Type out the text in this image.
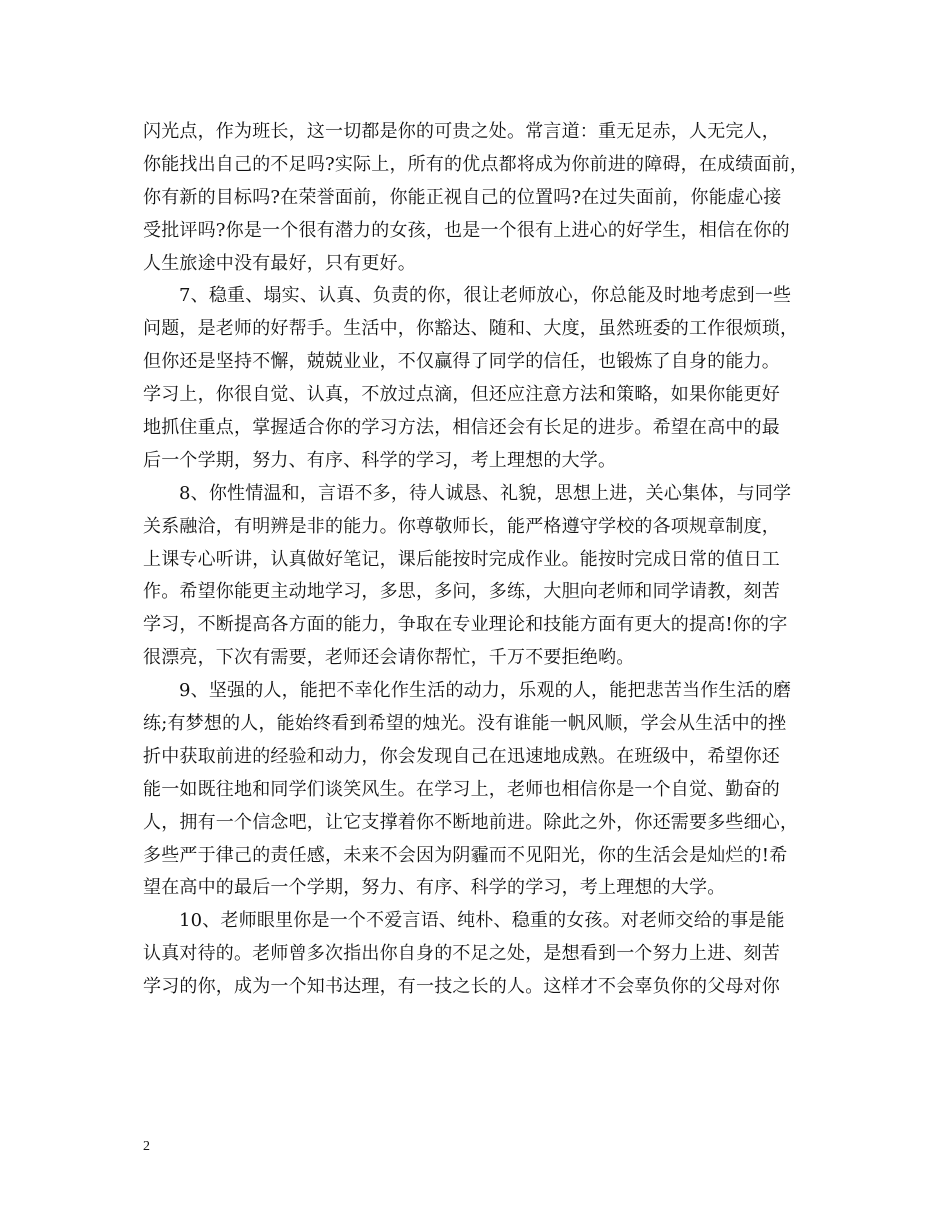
闪光点，作为班长，这一切都是你的可贵之处。常言道：重无足赤，人无完人，
你能找出自己的不足吗?实际上，所有的优点都将成为你前进的障碍，在成绩面前，
你有新的目标吗?在荣誉面前，你能正视自己的位置吗?在过失面前，你能虚心接
受批评吗?你是一个很有潜力的女孩，也是一个很有上进心的好学生，相信在你的
人生旅途中没有最好，只有更好。
7、稳重、塌实、认真、负责的你，很让老师放心，你总能及时地考虑到一些
问题，是老师的好帮手。生活中，你豁达、随和、大度，虽然班委的工作很烦琐，
但你还是坚持不懈，兢兢业业，不仅赢得了同学的信任，也锻炼了自身的能力。
学习上，你很自觉、认真，不放过点滴，但还应注意方法和策略，如果你能更好
地抓住重点，掌握适合你的学习方法，相信还会有长足的进步。希望在高中的最
后一个学期，努力、有序、科学的学习，考上理想的大学。
8、你性情温和，言语不多，待人诚恳、礼貌，思想上进，关心集体，与同学
关系融洽，有明辨是非的能力。你尊敬师长，能严格遵守学校的各项规章制度，
上课专心听讲，认真做好笔记，课后能按时完成作业。能按时完成日常的值日工
作。希望你能更主动地学习，多思，多问，多练，大胆向老师和同学请教，刻苦
学习，不断提高各方面的能力，争取在专业理论和技能方面有更大的提高!你的字
很漂亮，下次有需要，老师还会请你帮忙，千万不要拒绝哟。
9、坚强的人，能把不幸化作生活的动力，乐观的人，能把悲苦当作生活的磨
练;有梦想的人，能始终看到希望的烛光。没有谁能一帆风顺，学会从生活中的挫
折中获取前进的经验和动力，你会发现自己在迅速地成熟。在班级中，希望你还
能一如既往地和同学们谈笑风生。在学习上，老师也相信你是一个自觉、勤奋的
人，拥有一个信念吧，让它支撑着你不断地前进。除此之外，你还需要多些细心，
多些严于律己的责任感，未来不会因为阴霾而不见阳光，你的生活会是灿烂的!希
望在高中的最后一个学期，努力、有序、科学的学习，考上理想的大学。
10、老师眼里你是一个不爱言语、纯朴、稳重的女孩。对老师交给的事是能
认真对待的。老师曾多次指出你自身的不足之处，是想看到一个努力上进、刻苦
学习的你，成为一个知书达理，有一技之长的人。这样才不会辜负你的父母对你
2
